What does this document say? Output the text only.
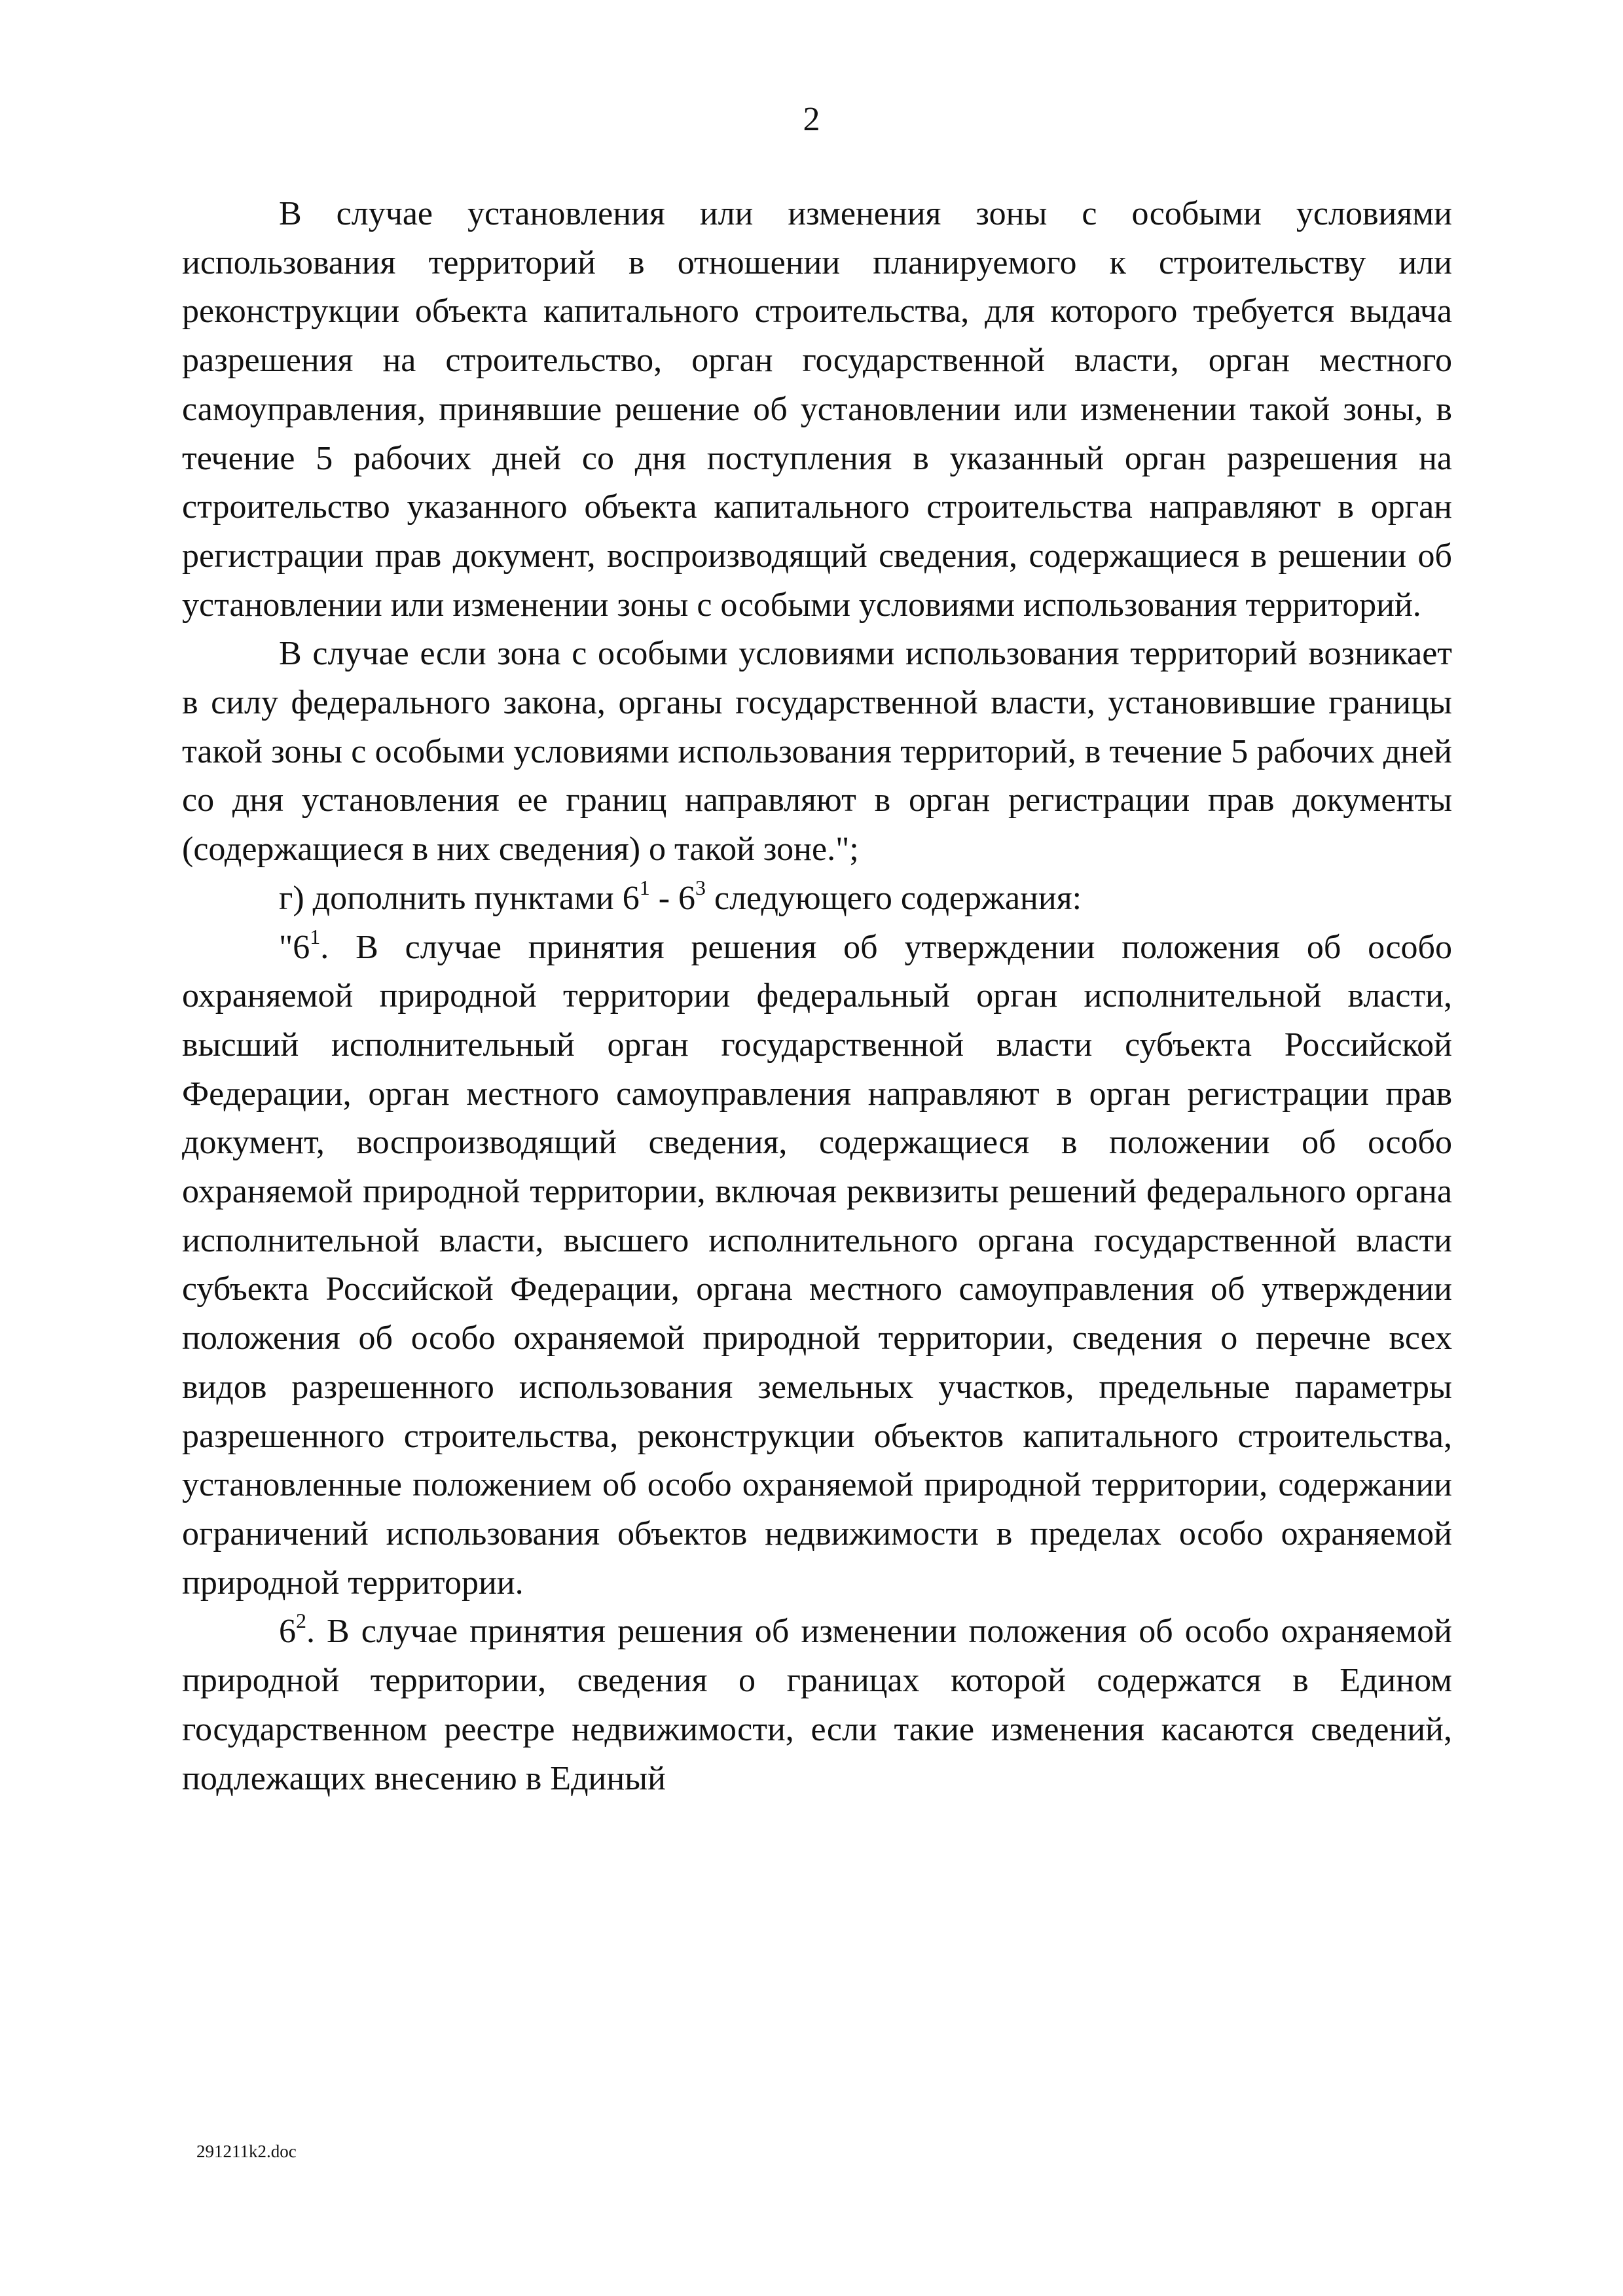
2

В случае установления или изменения зоны с особыми условиями использования территорий в отношении планируемого к строительству или реконструкции объекта капитального строительства, для которого требуется выдача разрешения на строительство, орган государственной власти, орган местного самоуправления, принявшие решение об установлении или изменении такой зоны, в течение 5 рабочих дней со дня поступления в указанный орган разрешения на строительство указанного объекта капитального строительства направляют в орган регистрации прав документ, воспроизводящий сведения, содержащиеся в решении об установлении или изменении зоны с особыми условиями использования территорий.

В случае если зона с особыми условиями использования территорий возникает в силу федерального закона, органы государственной власти, установившие границы такой зоны с особыми условиями использования территорий, в течение 5 рабочих дней со дня установления ее границ направляют в орган регистрации прав документы (содержащиеся в них сведения) о такой зоне.";

г) дополнить пунктами $6^1 - 6^3$ следующего содержания:

"$6^1$. В случае принятия решения об утверждении положения об особо охраняемой природной территории федеральный орган исполнительной власти, высший исполнительный орган государственной власти субъекта Российской Федерации, орган местного самоуправления направляют в орган регистрации прав документ, воспроизводящий сведения, содержащиеся в положении об особо охраняемой природной территории, включая реквизиты решений федерального органа исполнительной власти, высшего исполнительного органа государственной власти субъекта Российской Федерации, органа местного самоуправления об утверждении положения об особо охраняемой природной территории, сведения о перечне всех видов разрешенного использования земельных участков, предельные параметры разрешенного строительства, реконструкции объектов капитального строительства, установленные положением об особо охраняемой природной территории, содержании ограничений использования объектов недвижимости в пределах особо охраняемой природной территории.

$6^2$. В случае принятия решения об изменении положения об особо охраняемой природной территории, сведения о границах которой содержатся в Едином государственном реестре недвижимости, если такие изменения касаются сведений, подлежащих внесению в Единый

291211k2.doc
